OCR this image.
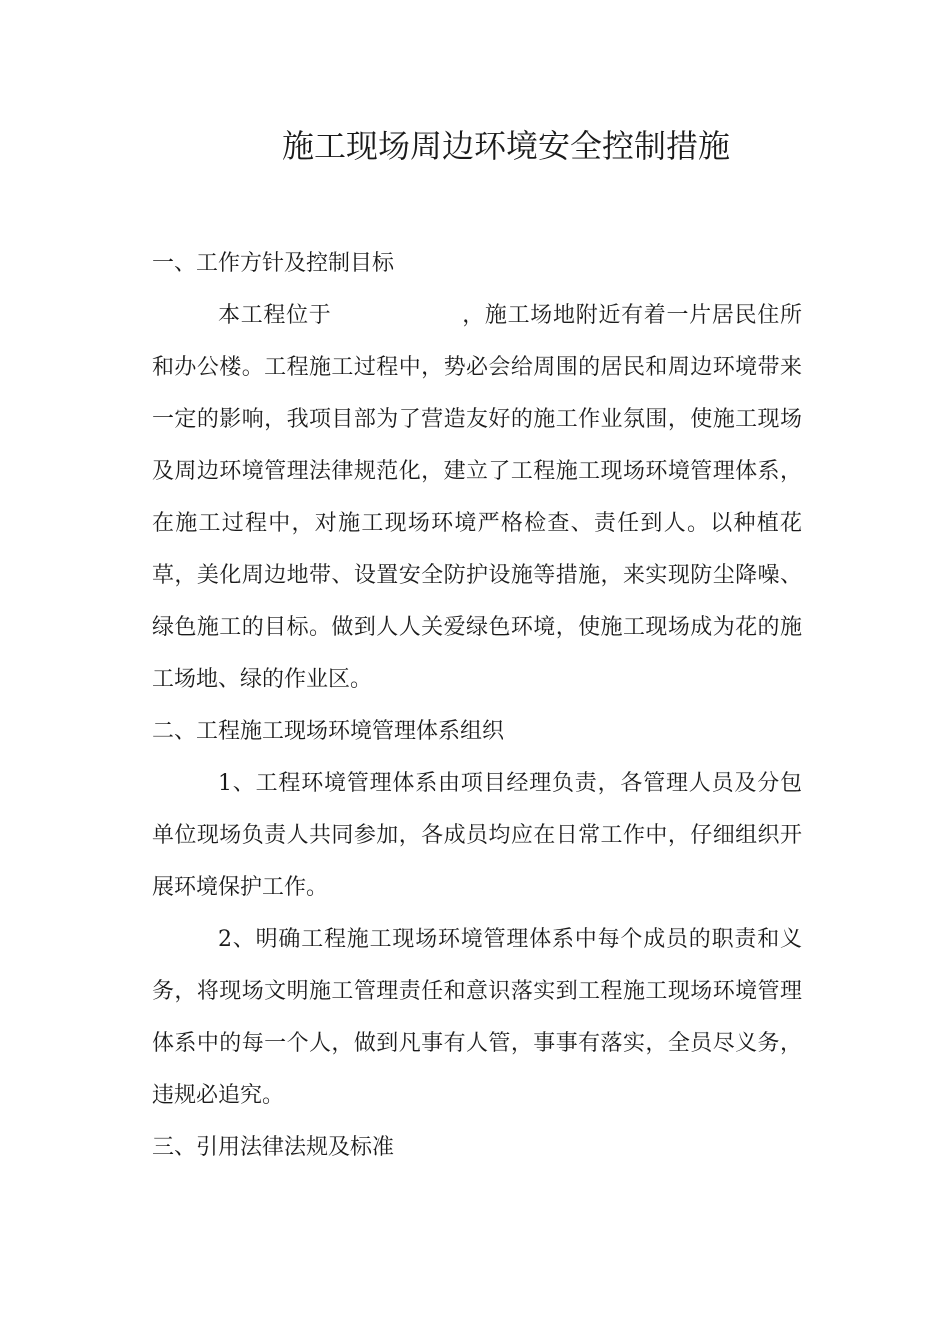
施工现场周边环境安全控制措施

一、工作方针及控制目标

本工程位于	，施工场地附近有着一片居民住所和办公楼。工程施工过程中，势必会给周围的居民和周边环境带来一定的影响，我项目部为了营造友好的施工作业氛围，使施工现场及周边环境管理法律规范化，建立了工程施工现场环境管理体系，在施工过程中，对施工现场环境严格检查、责任到人。以种植花草，美化周边地带、设置安全防护设施等措施，来实现防尘降噪、绿色施工的目标。做到人人关爱绿色环境，使施工现场成为花的施工场地、绿的作业区。

二、工程施工现场环境管理体系组织

1、工程环境管理体系由项目经理负责，各管理人员及分包单位现场负责人共同参加，各成员均应在日常工作中，仔细组织开展环境保护工作。

2、明确工程施工现场环境管理体系中每个成员的职责和义务，将现场文明施工管理责任和意识落实到工程施工现场环境管理体系中的每一个人，做到凡事有人管，事事有落实，全员尽义务，违规必追究。

三、引用法律法规及标准
